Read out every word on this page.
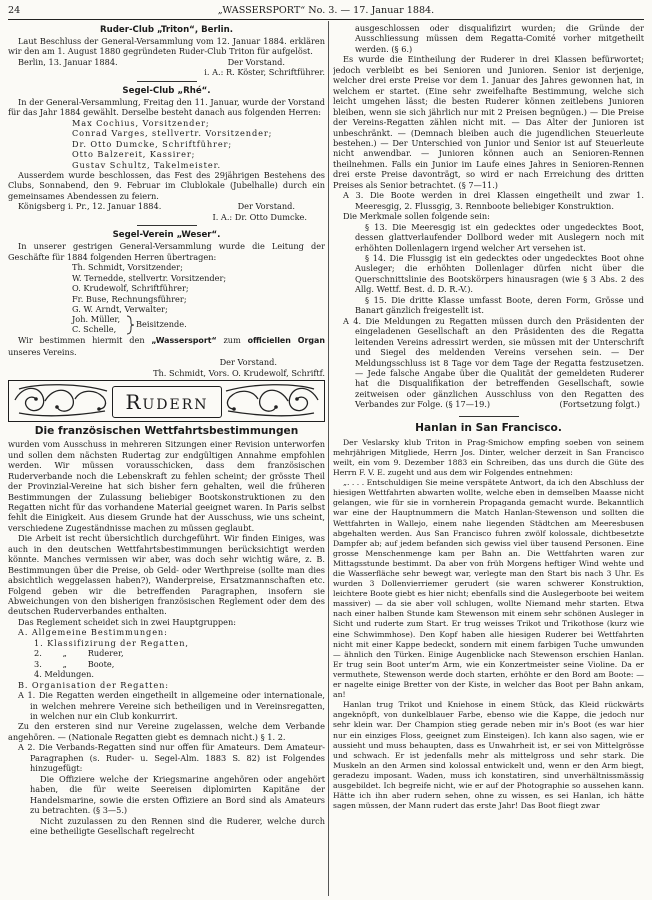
24	„WASSERSPORT“ No. 3. — 17. Januar 1884.
Ruder-Club „Triton“, Berlin.

Laut Beschluss der General-Versammlung vom 12. Januar 1884. erklären wir den am 1. August 1880 gegründeten Ruder-Club Triton für aufgelöst.

Berlin, 13. Januar 1884.	Der Vorstand.

i. A.: R. Köster, Schriftführer.

Segel-Club „Rhé“.

In der General-Versammlung, Freitag den 11. Januar, wurde der Vorstand für das Jahr 1884 gewählt. Derselbe besteht danach aus folgenden Herren:

Max Cochius, Vorsitzender;

Conrad Varges, stellvertr. Vorsitzender;

Dr. Otto Dumcke, Schriftführer;

Otto Balzereit, Kassirer;

Gustav Schultz, Takelmeister.

Ausserdem wurde beschlossen, das Fest des 29jährigen Bestehens des Clubs, Sonnabend, den 9. Februar im Clublokale (Jubelhalle) durch ein gemeinsames Abendessen zu feiern.

Königsberg i. Pr., 12. Januar 1884.	Der Vorstand.

I. A.: Dr. Otto Dumcke.

Segel-Verein „Weser“.

In unserer gestrigen General-Versammlung wurde die Leitung der Geschäfte für 1884 folgenden Herren übertragen:

Th. Schmidt, Vorsitzender;

W. Ternedde, stellvertr. Vorsitzender;

O. Krudewolf, Schriftführer;

Fr. Buse, Rechnungsführer;

G. W. Arndt, Verwalter;

Joh. Müller,
C. Schelle, Beisitzende.

Wir bestimmen hiermit den „Wassersport“ zum officiellen Organ unseres Vereins.

Der Vorstand.

Th. Schmidt, Vors. O. Krudewolf, Schriftf.

Rudern
Die französischen Wettfahrtsbestimmungen

wurden vom Ausschuss in mehreren Sitzungen einer Revision unterworfen und sollen dem nächsten Rudertag zur endgültigen Annahme empfohlen werden. Wir müssen vorausschicken, dass dem französischen Ruderverbande noch die Lebenskraft zu fehlen scheint; der grösste Theil der Provinzial-Vereine hat sich bisher fern gehalten, weil die früheren Bestimmungen der Zulassung beliebiger Bootskonstruktionen zu den Regatten nicht für das vorhandene Material geeignet waren. In Paris selbst fehlt die Einigkeit. Aus diesem Grunde hat der Ausschuss, wie uns scheint, verschiedene Zugeständnisse machen zu müssen geglaubt.

Die Arbeit ist recht übersichtlich durchgeführt. Wir finden Einiges, was auch in den deutschen Wettfahrtsbestimmungen berücksichtigt werden könnte. Manches vermissen wir aber, was doch sehr wichtig wäre, z. B. Bestimmungen über die Preise, ob Geld- oder Werthpreise (sollte man dies absichtlich weggelassen haben?), Wanderpreise, Ersatzmannschaften etc. Folgend geben wir die betreffenden Paragraphen, insofern sie Abweichungen von den bisherigen französischen Reglement oder dem des deutschen Ruderverbandes enthalten.

Das Reglement scheidet sich in zwei Hauptgruppen:

A. Allgemeine Bestimmungen:

1. Klassifizirung der Regatten,

2.        „        Ruderer,

3.        „        Boote,

4. Meldungen.

B. Organisation der Regatten:

A 1. Die Regatten werden eingetheilt in allgemeine oder internationale, in welchen mehrere Vereine sich betheiligen und in Vereinsregatten, in welchen nur ein Club konkurrirt.

Zu den ersteren sind nur Vereine zugelassen, welche dem Verbande angehören. — (Nationale Regatten giebt es demnach nicht.) § 1. 2.

A 2. Die Verbands-Regatten sind nur offen für Amateurs. Dem Amateur-Paragraphen (s. Ruder- u. Segel-Alm. 1883 S. 82) ist Folgendes hinzugefügt:

Die Offiziere welche der Kriegsmarine angehören oder angehört haben, die für weite Seereisen diplomirten Kapitäne der Handelsmarine, sowie die ersten Offiziere an Bord sind als Amateurs zu betrachten. (§ 3—5.)

Nicht zuzulassen zu den Rennen sind die Ruderer, welche durch eine betheiligte Gesellschaft regelrecht

ausgeschlossen oder disqualifizirt wurden; die Gründe der Ausschliessung müssen dem Regatta-Comité vorher mitgetheilt werden. (§ 6.)

Es wurde die Eintheilung der Ruderer in drei Klassen befürwortet; jedoch verbleibt es bei Senioren und Junioren. Senior ist derjenige, welcher drei erste Preise vor dem 1. Januar des Jahres gewonnen hat, in welchem er startet. (Eine sehr zweifelhafte Bestimmung, welche sich leicht umgehen lässt; die besten Ruderer können zeitlebens Junioren bleiben, wenn sie sich jährlich nur mit 2 Preisen begnügen.) — Die Preise der Vereins-Regatten zählen nicht mit. — Das Alter der Junioren ist unbeschränkt. — (Demnach bleiben auch die jugendlichen Steuerleute bestehen.) — Der Unterschied von Junior und Senior ist auf Steuerleute nicht anwendbar. — Junioren können auch an Senioren-Rennen theilnehmen. Falls ein Junior im Laufe eines Jahres in Senioren-Rennen drei erste Preise davonträgt, so wird er nach Erreichung des dritten Preises als Senior betrachtet. (§ 7—11.)

A 3. Die Boote werden in drei Klassen eingetheilt und zwar 1. Meeresgig, 2. Flussgig, 3. Rennboote beliebiger Konstruktion.

Die Merkmale sollen folgende sein:

§ 13. Die Meeresgig ist ein gedecktes oder ungedecktes Boot, dessen glattverlaufender Dollbord weder mit Auslegern noch mit erhöhten Dollenlagern irgend welcher Art versehen ist.

§ 14. Die Flussgig ist ein gedecktes oder ungedecktes Boot ohne Ausleger; die erhöhten Dollenlager dürfen nicht über die Querschnittslinie des Bootskörpers hinausragen (wie § 3 Abs. 2 des Allg. Wettf. Best. d. D. R.-V.).

§ 15. Die dritte Klasse umfasst Boote, deren Form, Grösse und Banart gänzlich freigestellt ist.

A 4. Die Meldungen zu Regatten müssen durch den Präsidenten der eingeladenen Gesellschaft an den Präsidenten des die Regatta leitenden Vereins adressirt werden, sie müssen mit der Unterschrift und Siegel des meldenden Vereins versehen sein. — Der Meldungsschluss ist 8 Tage vor dem Tage der Regatta festzusetzen. — Jede falsche Angabe über die Qualität der gemeldeten Ruderer hat die Disqualifikation der betreffenden Gesellschaft, sowie zeitweisen oder gänzlichen Ausschluss von den Regatten des Verbandes zur Folge. (§ 17—19.)	(Fortsetzung folgt.)

Hanlan in San Francisco.

Der Veslarsky klub Triton in Prag-Smichow empfing soeben von seinem mehrjährigen Mitgliede, Herrn Jos. Dinter, welcher derzeit in San Francisco weilt, ein vom 9. Dezember 1883 ein Schreiben, das uns durch die Güte des Herrn F. V. E. zugeht und aus dem wir Folgendes entnehmen:

„. . . . Entschuldigen Sie meine verspätete Antwort, da ich den Abschluss der hiesigen Wettfahrten abwarten wollte, welche eben in demselben Maasse nicht gelangen, wie für sie in vornherein Propaganda gemacht wurde. Bekanntlich war eine der Hauptnummern die Match Hanlan-Stewenson und sollten die Wettfahrten in Wallejo, einem nahe liegenden Städtchen am Meeresbusen abgehalten werden. Aus San Francisco fuhren zwölf kolossale, dichtbesetzte Dampfer ab; auf jedem befanden sich gewiss viel über tausend Personen. Eine grosse Menschenmenge kam per Bahn an. Die Wettfahrten waren zur Mittagsstunde bestimmt. Da aber von früh Morgens heftiger Wind wehte und die Wasserfläche sehr bewegt war, verlegte man den Start bis nach 3 Uhr. Es wurden 3 Dollenvierriemer gerudert (sie waren schwerer Konstruktion, leichtere Boote giebt es hier nicht; ebenfalls sind die Auslegerboote bei weitem massiver) — da sie aber voll schlugen, wollte Niemand mehr starten. Etwa nach einer halben Stunde kam Stewenson mit einem sehr schönen Ausleger in Sicht und ruderte zum Start. Er trug weisses Trikot und Trikothose (kurz wie eine Schwimmhose). Den Kopf haben alle hiesigen Ruderer bei Wettfahrten nicht mit einer Kappe bedeckt, sondern mit einem farbigen Tuche umwunden — ähnlich den Türken. Einige Augenblicke nach Stewenson erschien Hanlan. Er trug sein Boot unter'm Arm, wie ein Konzertmeister seine Violine. Da er vermuthete, Stewenson werde doch starten, erhöhte er den Bord am Boote: — er nagelte einige Bretter von der Kiste, in welcher das Boot per Bahn ankam, an!

Hanlan trug Trikot und Kniehose in einem Stück, das Kleid rückwärts angeknöpft, von dunkelblauer Farbe, ebenso wie die Kappe, die jedoch nur sehr klein war. Der Champion stieg gerade neben mir in's Boot (es war hier nur ein einziges Floss, geeignet zum Einsteigen). Ich kann also sagen, wie er aussieht und muss behaupten, dass es Unwahrheit ist, er sei von Mittelgrösse und schwach. Er ist jedenfalls mehr als mittelgross und sehr stark. Die Muskeln an den Armen sind kolossal entwickelt und, wenn er den Arm biegt, geradezu imposant. Waden, muss ich konstatiren, sind unverhältnissmässig ausgebildet. Ich begreife nicht, wie er auf der Photographie so aussehen kann. Hätte ich ihn aber rudern sehen, ohne zu wissen, es sei Hanlan, ich hätte sagen müssen, der Mann rudert das erste Jahr! Das Boot fliegt zwar
